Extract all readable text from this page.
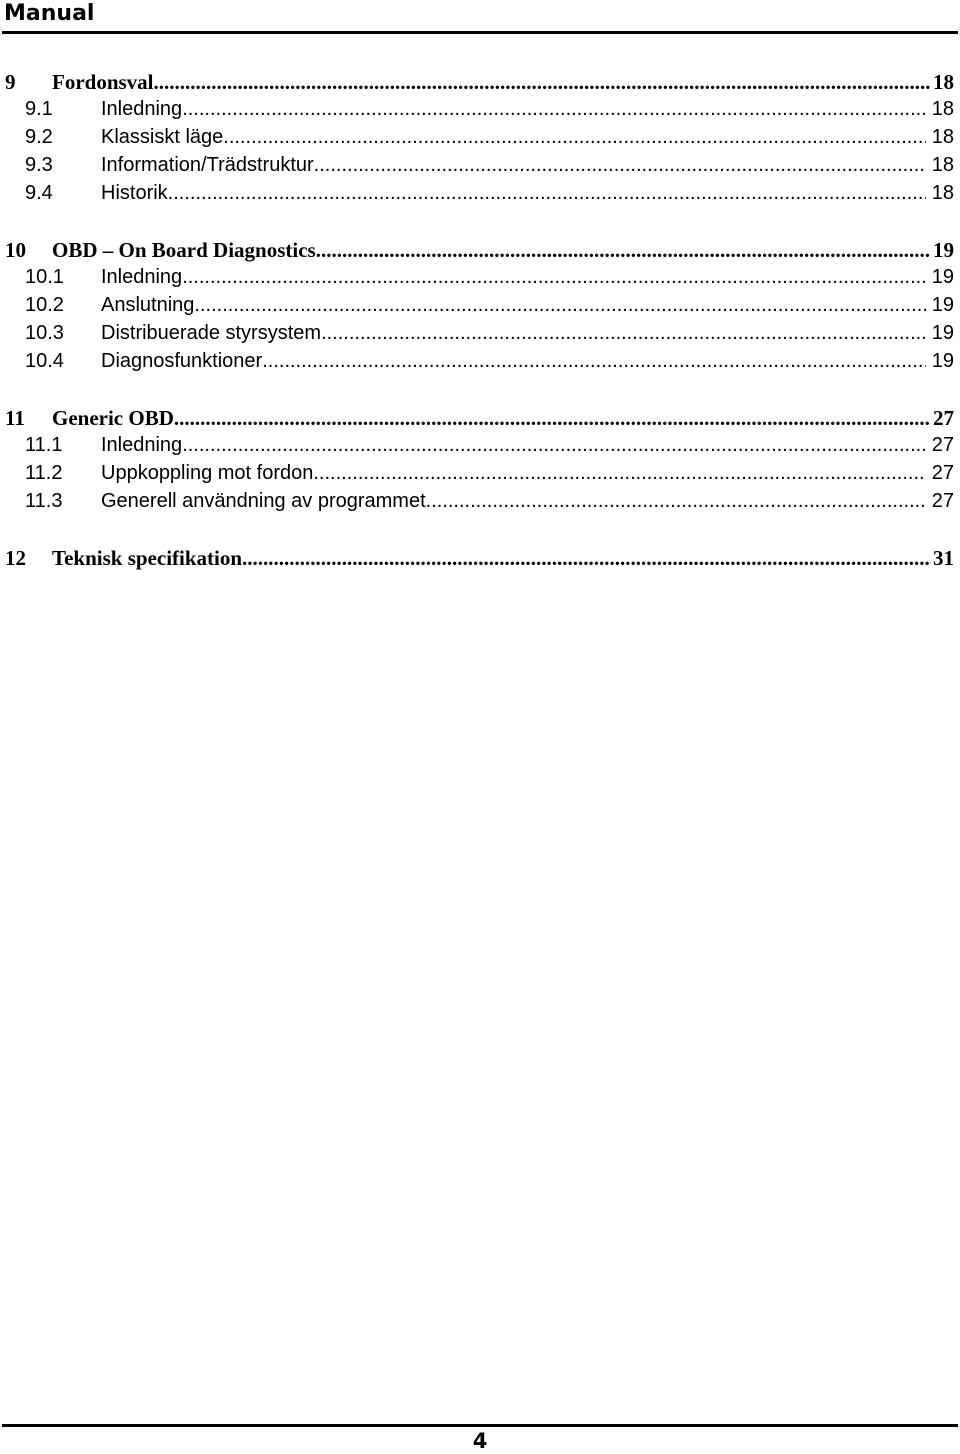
Manual
9	Fordonsval .....	18
9.1	Inledning .....	18
9.2	Klassiskt läge .....	18
9.3	Information/Trädstruktur .....	18
9.4	Historik .....	18
10	OBD – On Board Diagnostics .....	19
10.1	Inledning .....	19
10.2	Anslutning .....	19
10.3	Distribuerade styrsystem .....	19
10.4	Diagnosfunktioner .....	19
11	Generic OBD .....	27
11.1	Inledning .....	27
11.2	Uppkoppling mot fordon .....	27
11.3	Generell användning av programmet .....	27
12	Teknisk specifikation .....	31
4
